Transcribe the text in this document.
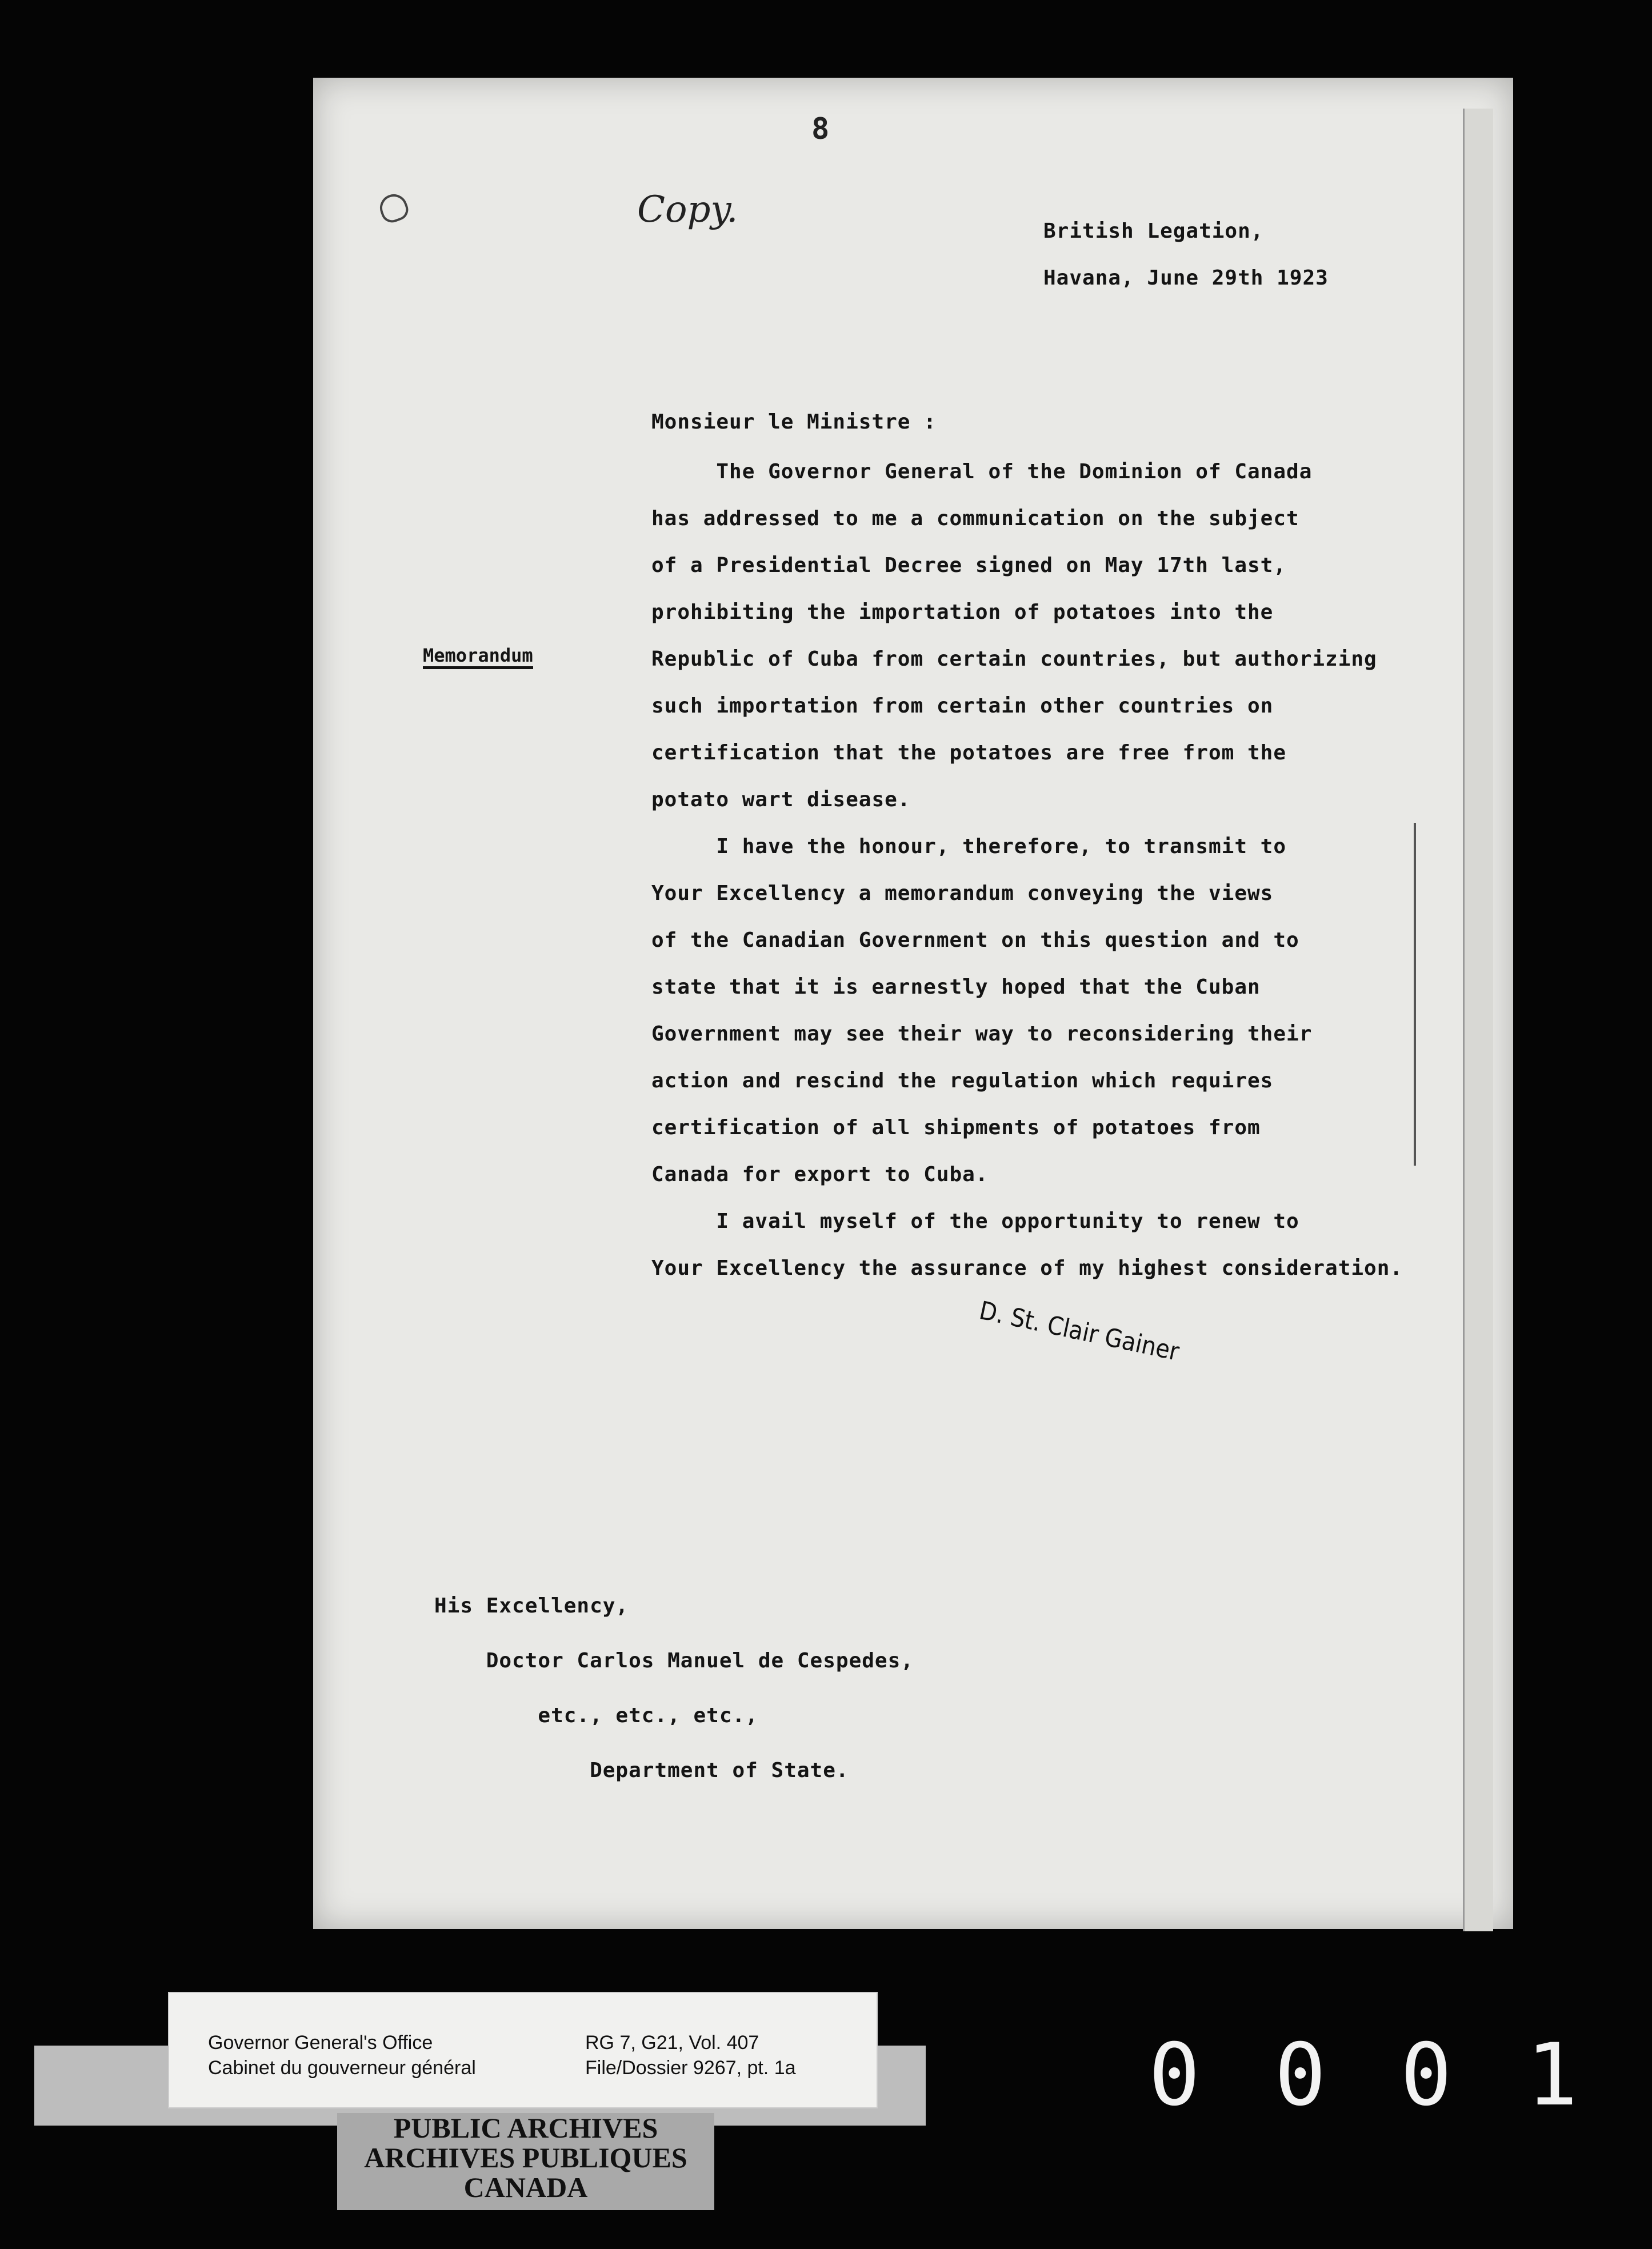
8
Copy.
British Legation,
Havana, June 29th 1923
Monsieur le Ministre :
Memorandum
The Governor General of the Dominion of Canada
has addressed to me a communication on the subject
of a Presidential Decree signed on May 17th last,
prohibiting the importation of potatoes into the
Republic of Cuba from certain countries, but authorizing
such importation from certain other countries on
certification that the potatoes are free from the
potato wart disease.
I have the honour, therefore, to transmit to
Your Excellency a memorandum conveying the views
of the Canadian Government on this question and to
state that it is earnestly hoped that the Cuban
Government may see their way to reconsidering their
action and rescind the regulation which requires
certification of all shipments of potatoes from
Canada for export to Cuba.
I avail myself of the opportunity to renew to
Your Excellency the assurance of my highest consideration.
D. St. Clair Gainer
His Excellency,
Doctor Carlos Manuel de Cespedes,
etc., etc., etc.,
Department of State.
Governor General's Office
Cabinet du gouverneur général
RG 7, G21, Vol. 407
File/Dossier 9267, pt. 1a
PUBLIC ARCHIVES
ARCHIVES PUBLIQUES
CANADA
0001
